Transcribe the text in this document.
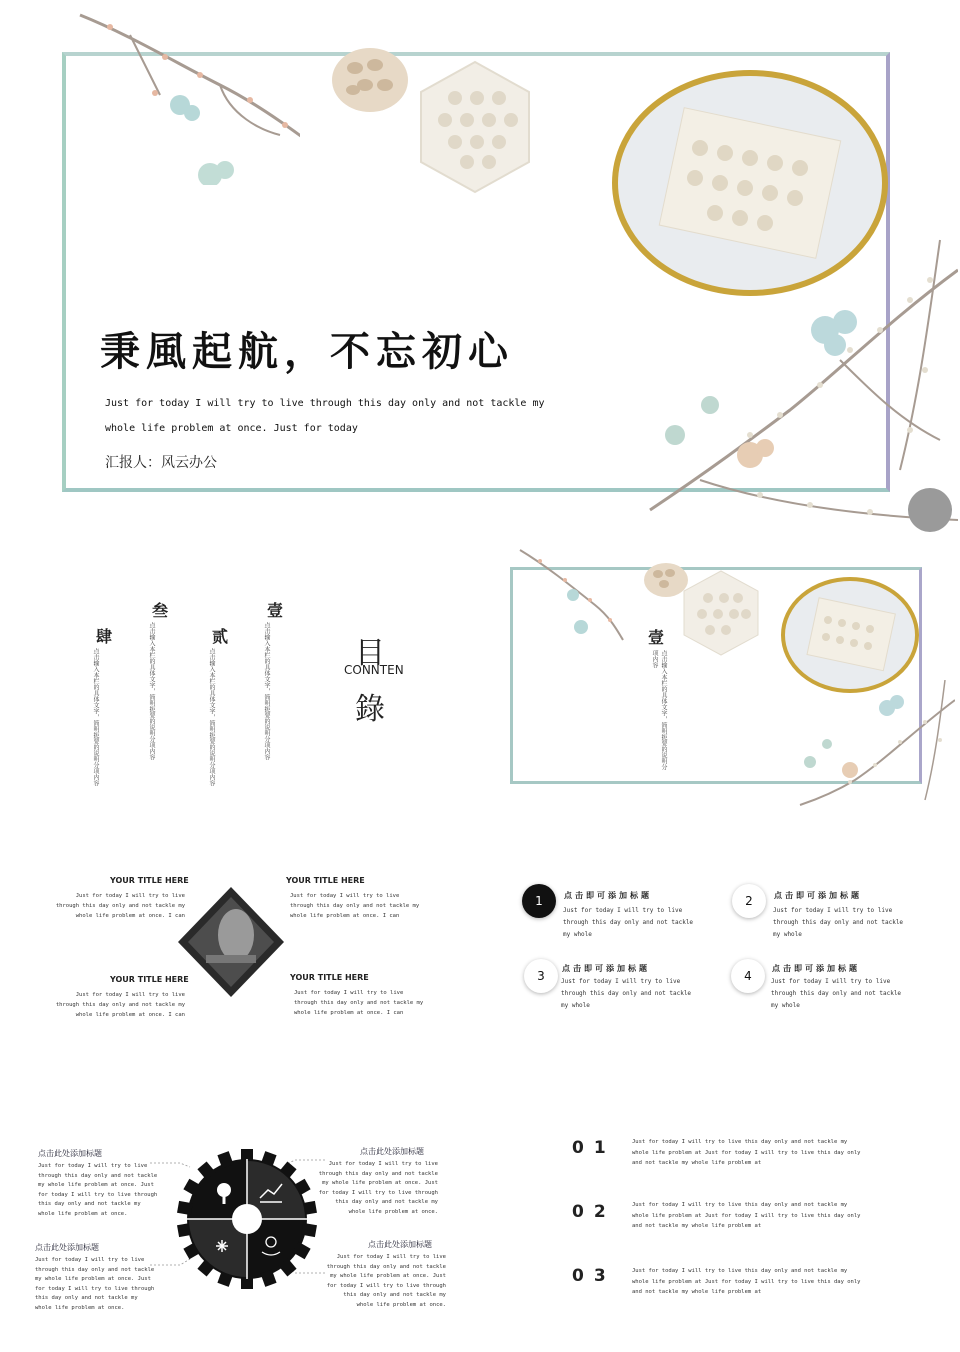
秉風起航，不忘初心
Just for today I will try to live through this day only and not tackle my
whole life problem at once. Just for today
汇报人：风云办公
壹
点击输入本栏的具体文字，简明扼要的说明分项内容
贰
点击输入本栏的具体文字，简明扼要的说明分项内容
叁
点击输入本栏的具体文字，简明扼要的说明分项内容
肆
点击输入本栏的具体文字，简明扼要的说明分项内容	目
CONNTEN
錄
壹
点击输入本栏的具体文字，简明扼要的说明分项内容
YOUR TITLE HERE
Just for today I will try to live through this day only and not tackle my whole life problem at once. I can
YOUR TITLE HERE
Just for today I will try to live through this day only and not tackle my whole life problem at once. I can
YOUR TITLE HERE
Just for today I will try to live through this day only and not tackle my whole life problem at once. I can
YOUR TITLE HERE
Just for today I will try to live through this day only and not tackle my whole life problem at once. I can
1	点击即可添加标题
Just for today I will try to live through this day only and not tackle my whole
2	点击即可添加标题
Just for today I will try to live through this day only and not tackle my whole
3
点击即可添加标题
Just for today I will try to live through this day only and not tackle my whole
4
点击即可添加标题
Just for today I will try to live through this day only and not tackle my whole
点击此处添加标题
Just for today I will try to live through this day only and not tackle my whole life problem at once. Just for today I will try to live through this day only and not tackle my whole life problem at once.
点击此处添加标题
Just for today I will try to live through this day only and not tackle my whole life problem at once. Just for today I will try to live through this day only and not tackle my whole life problem at once.
点击此处添加标题
Just for today I will try to live through this day only and not tackle my whole life problem at once. Just for today I will try to live through this day only and not tackle my whole life problem at once.
点击此处添加标题
Just for today I will try to live through this day only and not tackle my whole life problem at once. Just for today I will try to live through this day only and not tackle my whole life problem at once.
01	Just for today I will try to live this day only and not tackle my whole life problem at Just for today I will try to live this day only and not tackle my whole life problem at
02	Just for today I will try to live this day only and not tackle my whole life problem at Just for today I will try to live this day only and not tackle my whole life problem at
03	Just for today I will try to live this day only and not tackle my whole life problem at Just for today I will try to live this day only and not tackle my whole life problem at
